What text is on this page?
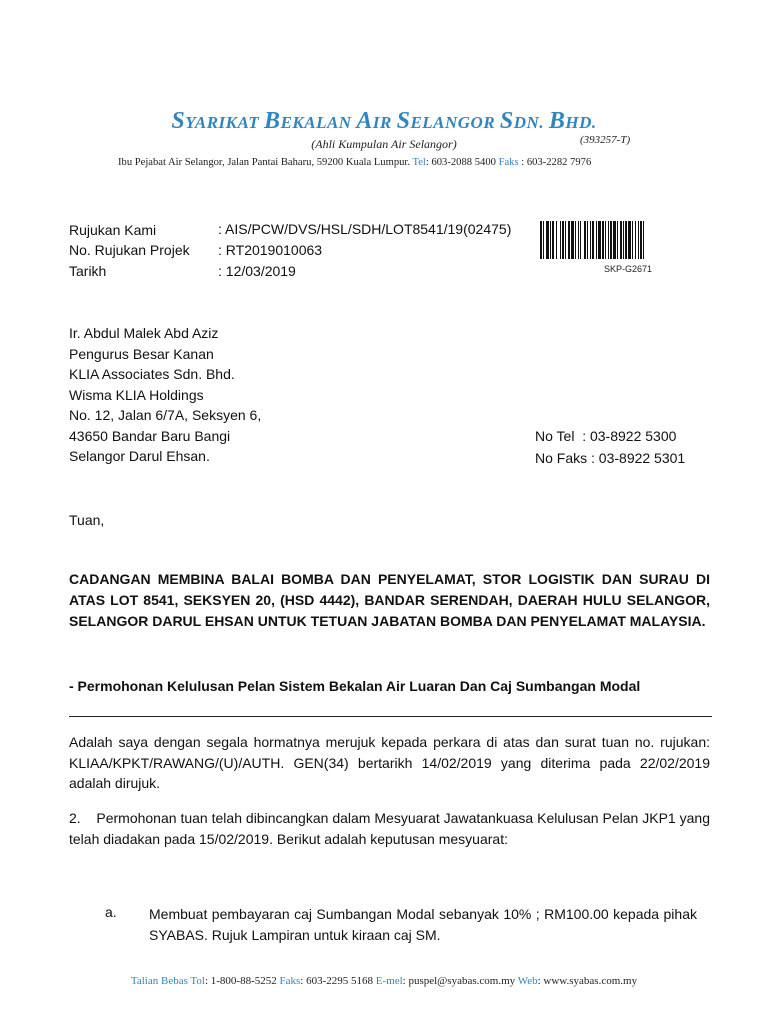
SYARIKAT BEKALAN AIR SELANGOR SDN. BHD.
(393257-T)
(Ahli Kumpulan Air Selangor)
Ibu Pejabat Air Selangor, Jalan Pantai Baharu, 59200 Kuala Lumpur. Tel: 603-2088 5400 Faks : 603-2282 7976
Rujukan Kami	: AIS/PCW/DVS/HSL/SDH/LOT8541/19(02475)
No. Rujukan Projek : RT2019010063
Tarikh	: 12/03/2019	SKP-G2671
Ir. Abdul Malek Abd Aziz
Pengurus Besar Kanan
KLIA Associates Sdn. Bhd.
Wisma KLIA Holdings
No. 12, Jalan 6/7A, Seksyen 6,
43650 Bandar Baru Bangi
Selangor Darul Ehsan.
No Tel  : 03-8922 5300
No Faks : 03-8922 5301
Tuan,
CADANGAN MEMBINA BALAI BOMBA DAN PENYELAMAT, STOR LOGISTIK DAN SURAU DI ATAS LOT 8541, SEKSYEN 20, (HSD 4442), BANDAR SERENDAH, DAERAH HULU SELANGOR, SELANGOR DARUL EHSAN UNTUK TETUAN JABATAN BOMBA DAN PENYELAMAT MALAYSIA.
- Permohonan Kelulusan Pelan Sistem Bekalan Air Luaran Dan Caj Sumbangan Modal
Adalah saya dengan segala hormatnya merujuk kepada perkara di atas dan surat tuan no. rujukan: KLIAA/KPKT/RAWANG/(U)/AUTH. GEN(34) bertarikh 14/02/2019 yang diterima pada 22/02/2019 adalah dirujuk.
2.    Permohonan tuan telah dibincangkan dalam Mesyuarat Jawatankuasa Kelulusan Pelan JKP1 yang telah diadakan pada 15/02/2019. Berikut adalah keputusan mesyuarat:
a. Membuat pembayaran caj Sumbangan Modal sebanyak 10% ; RM100.00 kepada pihak SYABAS. Rujuk Lampiran untuk kiraan caj SM.
Talian Bebas Tol: 1-800-88-5252 Faks: 603-2295 5168 E-mel: puspel@syabas.com.my Web: www.syabas.com.my
